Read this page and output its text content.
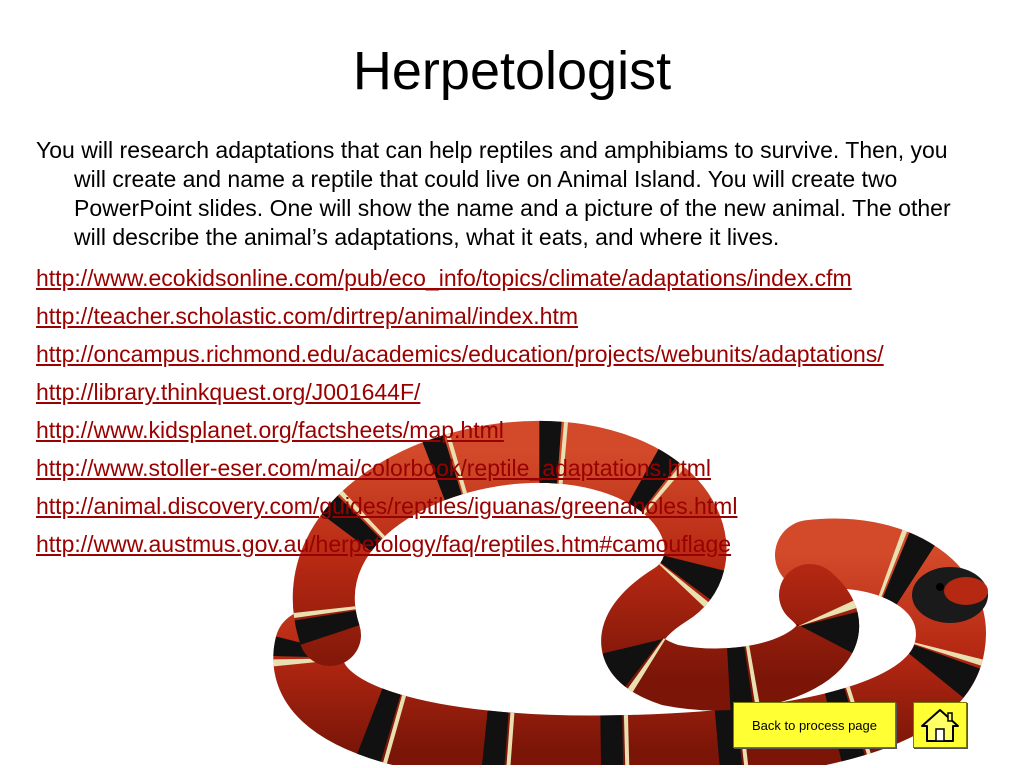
Herpetologist

You will research adaptations that can help reptiles and amphibiams to survive. Then, you will create and name a reptile that could live on Animal Island. You will create two PowerPoint slides. One will show the name and a picture of the new animal. The other will describe the animal’s adaptations, what it eats, and where it lives.

http://www.ecokidsonline.com/pub/eco_info/topics/climate/adaptations/index.cfm
http://teacher.scholastic.com/dirtrep/animal/index.htm
http://oncampus.richmond.edu/academics/education/projects/webunits/adaptations/
http://library.thinkquest.org/J001644F/
http://www.kidsplanet.org/factsheets/map.html
http://www.stoller-eser.com/mai/colorbook/reptile_adaptations.html
http://animal.discovery.com/guides/reptiles/iguanas/greenanoles.html
http://www.austmus.gov.au/herpetology/faq/reptiles.htm#camouflage
Back to process page
